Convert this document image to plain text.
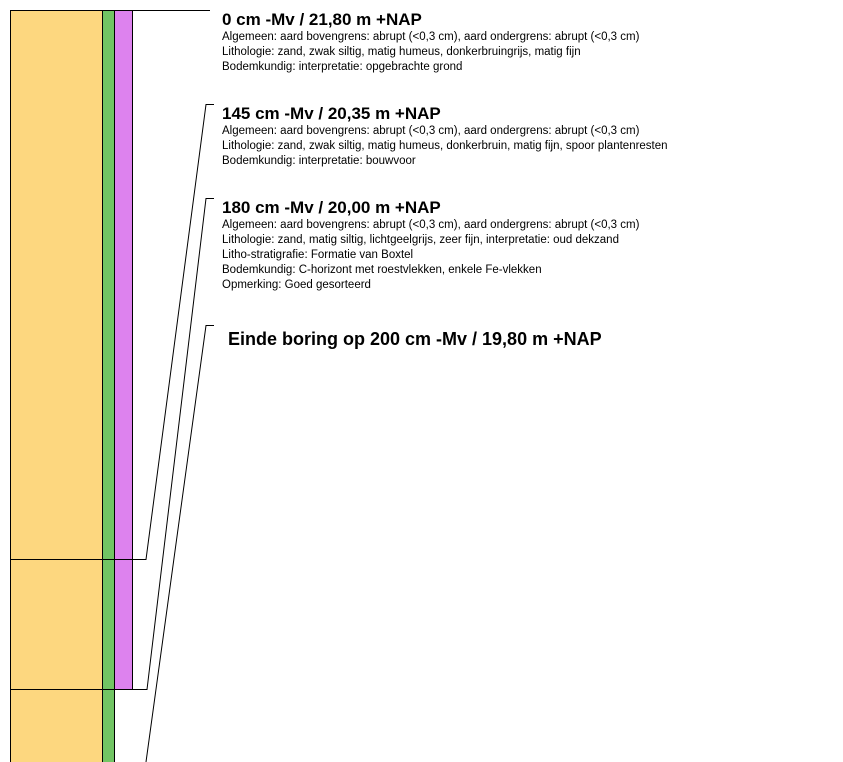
0 cm -Mv / 21,80 m +NAP
Algemeen: aard bovengrens: abrupt (<0,3 cm), aard ondergrens: abrupt (<0,3 cm)
Lithologie: zand, zwak siltig, matig humeus, donkerbruingrijs, matig fijn
Bodemkundig: interpretatie: opgebrachte grond
145 cm -Mv / 20,35 m +NAP
Algemeen: aard bovengrens: abrupt (<0,3 cm), aard ondergrens: abrupt (<0,3 cm)
Lithologie: zand, zwak siltig, matig humeus, donkerbruin, matig fijn, spoor plantenresten
Bodemkundig: interpretatie: bouwvoor
180 cm -Mv / 20,00 m +NAP
Algemeen: aard bovengrens: abrupt (<0,3 cm), aard ondergrens: abrupt (<0,3 cm)
Lithologie: zand, matig siltig, lichtgeelgrijs, zeer fijn, interpretatie: oud dekzand
Litho-stratigrafie: Formatie van Boxtel
Bodemkundig: C-horizont met roestvlekken, enkele Fe-vlekken
Opmerking: Goed gesorteerd
Einde boring op 200 cm -Mv / 19,80 m +NAP
